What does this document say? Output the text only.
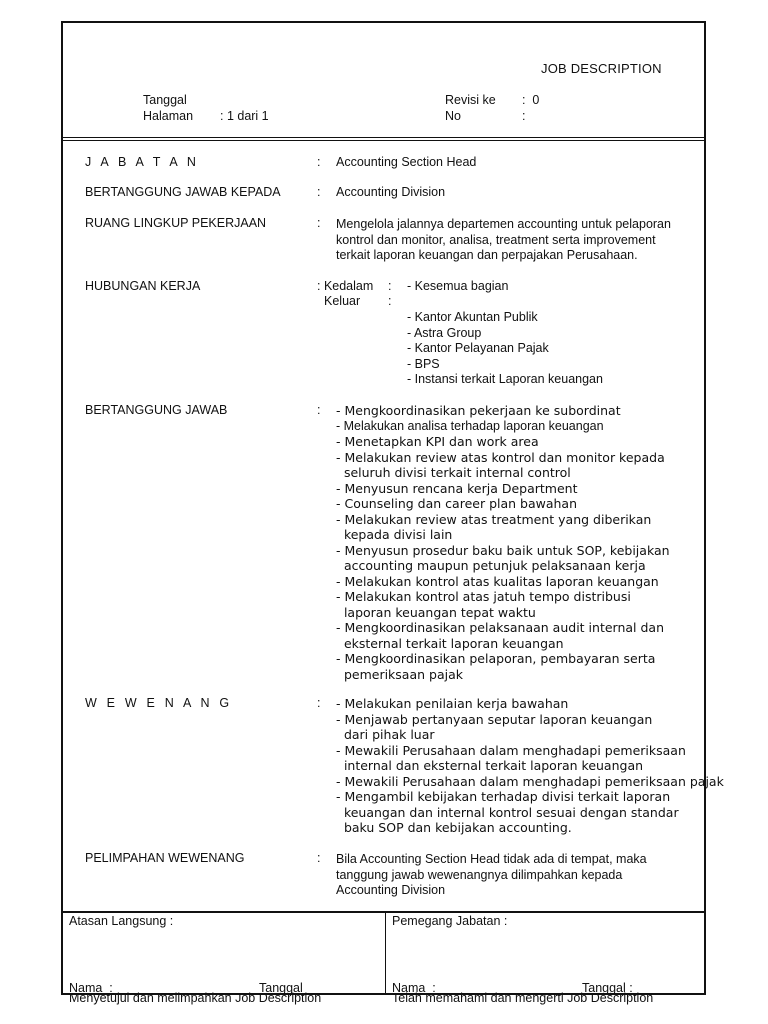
JOB DESCRIPTION
Tanggal
Halaman : 1 dari 1
Revisi ke :  0
No	:
J A B A T A N	: Accounting Section Head
BERTANGGUNG JAWAB KEPADA	: Accounting Division
RUANG LINGKUP PEKERJAAN	: Mengelola jalannya departemen accounting untuk pelaporan
kontrol dan monitor, analisa, treatment serta improvement
terkait laporan keuangan dan perpajakan Perusahaan.
HUBUNGAN KERJA	: Kedalam : - Kesemua bagian
Keluar :
- Kantor Akuntan Publik
- Astra Group
- Kantor Pelayanan Pajak
- BPS
- Instansi terkait Laporan keuangan
BERTANGGUNG JAWAB	: - Mengkoordinasikan pekerjaan ke subordinat
- Melakukan analisa terhadap laporan keuangan
- Menetapkan KPI dan work area
- Melakukan review atas kontrol dan monitor kepada
seluruh divisi terkait internal control
- Menyusun rencana kerja Department
- Counseling dan career plan bawahan
- Melakukan review atas treatment yang diberikan
kepada divisi lain
- Menyusun prosedur baku baik untuk SOP, kebijakan
accounting maupun petunjuk pelaksanaan kerja
- Melakukan kontrol atas kualitas laporan keuangan
- Melakukan kontrol atas jatuh tempo distribusi
laporan keuangan tepat waktu
- Mengkoordinasikan pelaksanaan audit internal dan
eksternal terkait laporan keuangan
- Mengkoordinasikan pelaporan, pembayaran serta
pemeriksaan pajak
W E W E N A N G	: - Melakukan penilaian kerja bawahan
- Menjawab pertanyaan seputar laporan keuangan
dari pihak luar
- Mewakili Perusahaan dalam menghadapi pemeriksaan
internal dan eksternal terkait laporan keuangan
- Mewakili Perusahaan dalam menghadapi pemeriksaan pajak
- Mengambil kebijakan terhadap divisi terkait laporan
keuangan dan internal kontrol sesuai dengan standar
baku SOP dan kebijakan accounting.
PELIMPAHAN WEWENANG	: Bila Accounting Section Head tidak ada di tempat, maka
tanggung jawab wewenangnya dilimpahkan kepada
Accounting Division
Atasan Langsung :
Nama  :	Tanggal
Menyetujui dan melimpahkan Job Description
Pemegang Jabatan :
Nama  :	Tanggal :
Telah memahami dan mengerti Job Description
